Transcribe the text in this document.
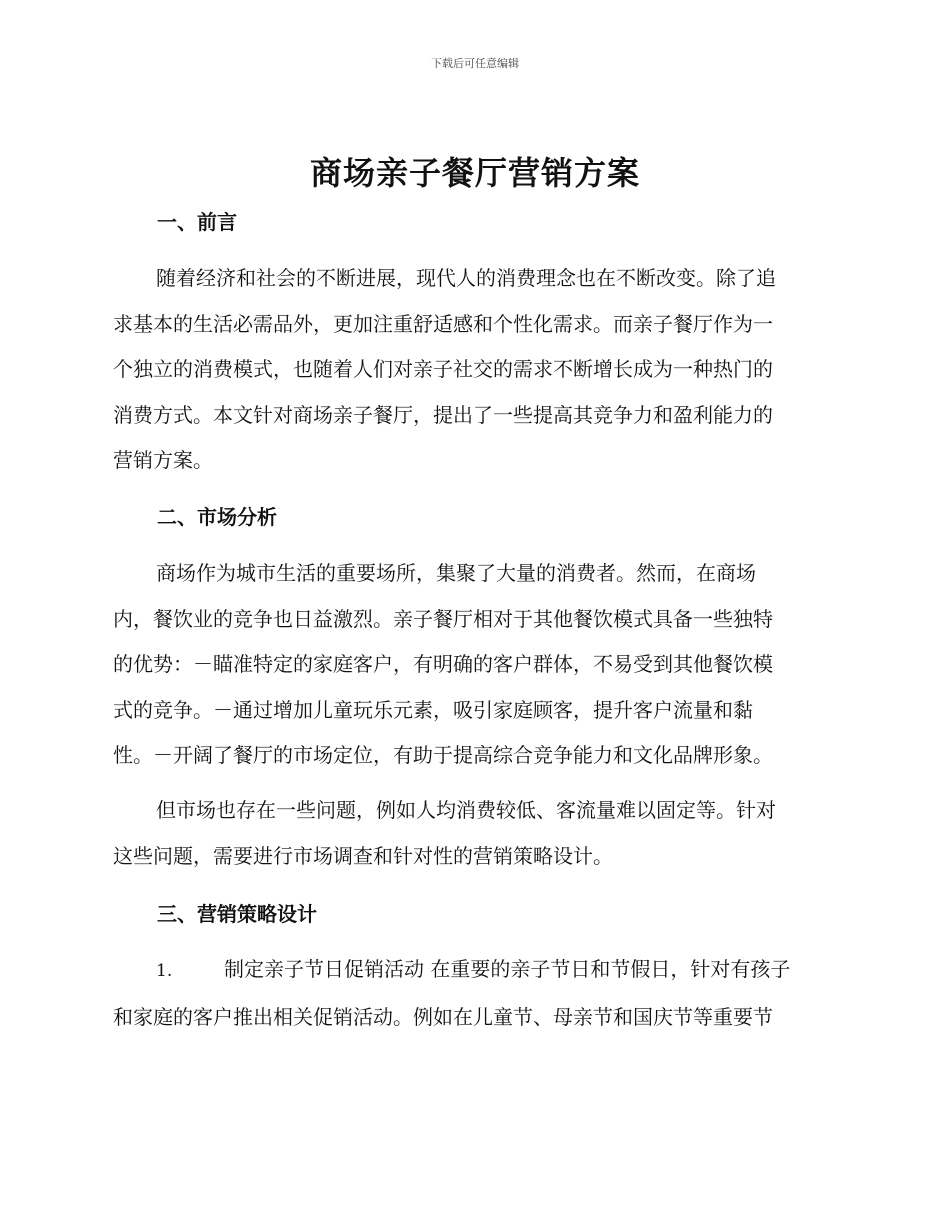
下载后可任意编辑
商场亲子餐厅营销方案
一、前言
随着经济和社会的不断进展，现代人的消费理念也在不断改变。除了追
求基本的生活必需品外，更加注重舒适感和个性化需求。而亲子餐厅作为一
个独立的消费模式，也随着人们对亲子社交的需求不断增长成为一种热门的
消费方式。本文针对商场亲子餐厅，提出了一些提高其竞争力和盈利能力的
营销方案。
二、市场分析
商场作为城市生活的重要场所，集聚了大量的消费者。然而，在商场
内，餐饮业的竞争也日益激烈。亲子餐厅相对于其他餐饮模式具备一些独特
的优势：－瞄准特定的家庭客户，有明确的客户群体，不易受到其他餐饮模
式的竞争。－通过增加儿童玩乐元素，吸引家庭顾客，提升客户流量和黏
性。－开阔了餐厅的市场定位，有助于提高综合竞争能力和文化品牌形象。
但市场也存在一些问题，例如人均消费较低、客流量难以固定等。针对
这些问题，需要进行市场调查和针对性的营销策略设计。
三、营销策略设计
1.	制定亲子节日促销活动 在重要的亲子节日和节假日，针对有孩子
和家庭的客户推出相关促销活动。例如在儿童节、母亲节和国庆节等重要节
